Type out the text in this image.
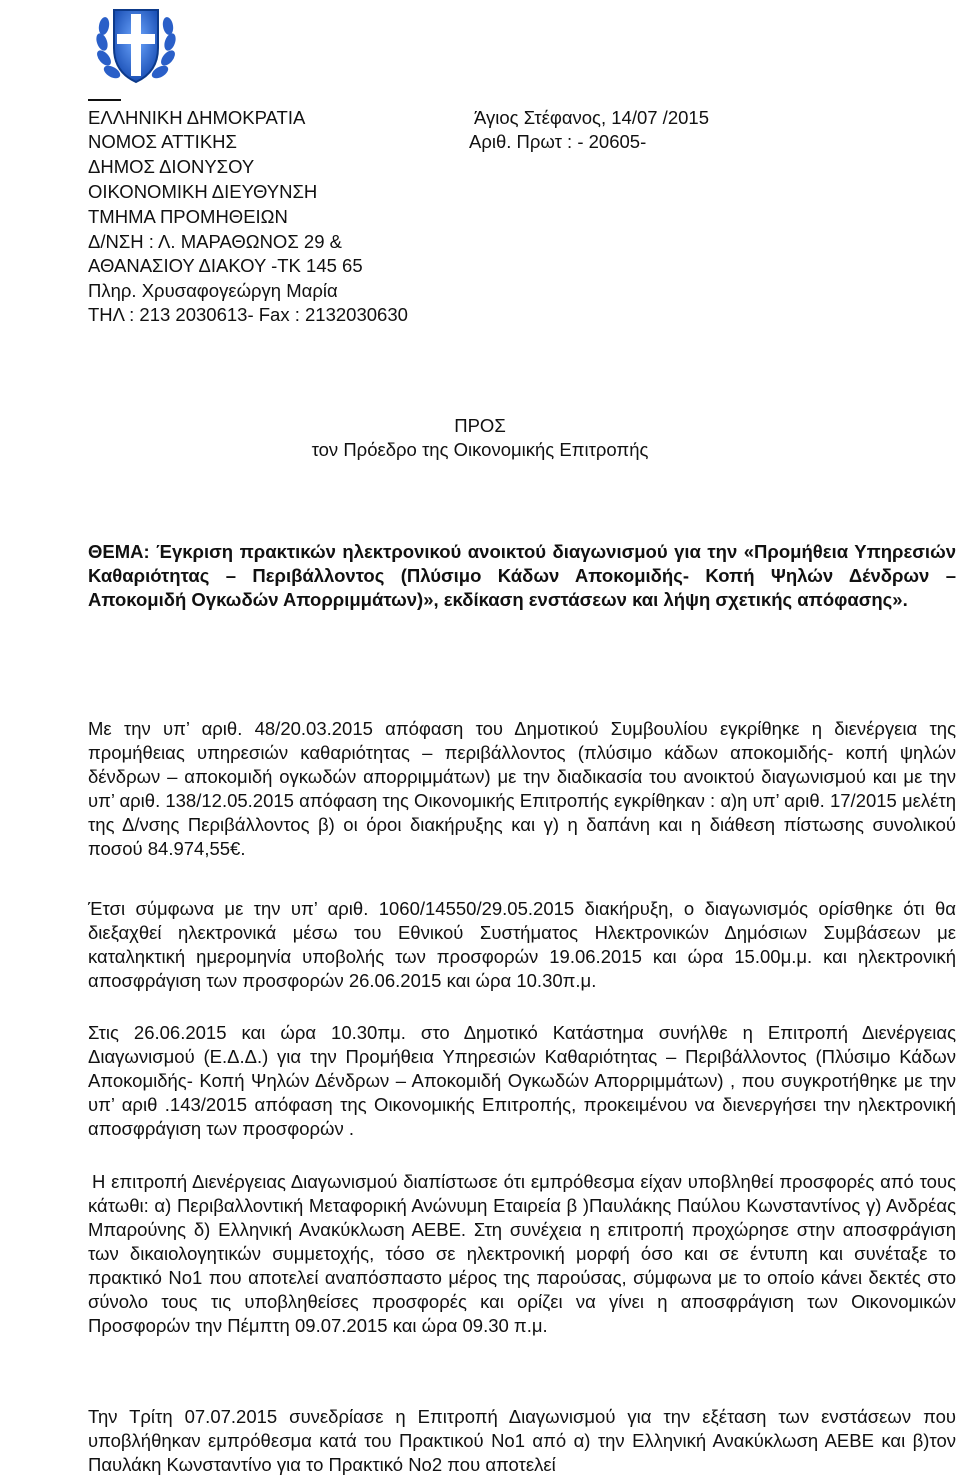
ΕΛΛΗΝΙΚΗ ΔΗΜΟΚΡΑΤΙΑ
ΝΟΜΟΣ ΑΤΤΙΚΗΣ
ΔΗΜΟΣ ΔΙΟΝΥΣΟΥ
ΟΙΚΟΝΟΜΙΚΗ ΔΙΕΥΘΥΝΣΗ
ΤΜΗΜΑ ΠΡΟΜΗΘΕΙΩΝ
Δ/ΝΣΗ : Λ. ΜΑΡΑΘΩΝΟΣ 29 &
ΑΘΑΝΑΣΙΟΥ ΔΙΑΚΟΥ -ΤΚ 145 65
Πληρ. Χρυσαφογεώργη Μαρία
ΤΗΛ : 213 2030613- Fax : 2132030630
Άγιος Στέφανος, 14/07 /2015
Αριθ. Πρωτ : - 20605-
ΠΡΟΣ
τον Πρόεδρο της Οικονομικής Επιτροπής
ΘΕΜΑ: Έγκριση πρακτικών ηλεκτρονικού ανοικτού διαγωνισμού για την «Προμήθεια Υπηρεσιών Καθαριότητας – Περιβάλλοντος (Πλύσιμο Κάδων Αποκομιδής- Κοπή Ψηλών Δένδρων – Αποκομιδή Ογκωδών Απορριμμάτων)», εκδίκαση ενστάσεων και λήψη σχετικής απόφασης».
Με την υπ’ αριθ. 48/20.03.2015 απόφαση του Δημοτικού Συμβουλίου εγκρίθηκε η διενέργεια της προμήθειας υπηρεσιών καθαριότητας – περιβάλλοντος (πλύσιμο κάδων αποκομιδής- κοπή ψηλών δένδρων – αποκομιδή ογκωδών απορριμμάτων) με την διαδικασία του ανοικτού διαγωνισμού και με την υπ’ αριθ. 138/12.05.2015 απόφαση της Οικονομικής Επιτροπής εγκρίθηκαν : α)η υπ’ αριθ. 17/2015 μελέτη της Δ/νσης Περιβάλλοντος β) οι όροι διακήρυξης και γ) η δαπάνη και η διάθεση πίστωσης συνολικού ποσού 84.974,55€.
Έτσι σύμφωνα με την υπ’ αριθ. 1060/14550/29.05.2015 διακήρυξη, ο διαγωνισμός ορίσθηκε ότι θα διεξαχθεί ηλεκτρονικά μέσω του Εθνικού Συστήματος Ηλεκτρονικών Δημόσιων Συμβάσεων με καταληκτική ημερομηνία υποβολής των προσφορών 19.06.2015 και ώρα 15.00μ.μ. και ηλεκτρονική αποσφράγιση των προσφορών 26.06.2015 και ώρα 10.30π.μ.
Στις 26.06.2015 και ώρα 10.30πμ. στο Δημοτικό Κατάστημα συνήλθε η Επιτροπή Διενέργειας Διαγωνισμού (Ε.Δ.Δ.) για την Προμήθεια Υπηρεσιών Καθαριότητας – Περιβάλλοντος (Πλύσιμο Κάδων Αποκομιδής- Κοπή Ψηλών Δένδρων – Αποκομιδή Ογκωδών Απορριμμάτων) , που συγκροτήθηκε με την υπ’ αριθ .143/2015 απόφαση της Οικονομικής Επιτροπής, προκειμένου να διενεργήσει την ηλεκτρονική αποσφράγιση των προσφορών .
Η επιτροπή Διενέργειας Διαγωνισμού διαπίστωσε ότι εμπρόθεσμα είχαν υποβληθεί προσφορές από τους κάτωθι: α) Περιβαλλοντική Μεταφορική Ανώνυμη Εταιρεία β )Παυλάκης Παύλου Κωνσταντίνος γ) Ανδρέας Μπαρούνης δ) Ελληνική Ανακύκλωση ΑΕΒΕ. Στη συνέχεια η επιτροπή προχώρησε στην αποσφράγιση των δικαιολογητικών συμμετοχής, τόσο σε ηλεκτρονική μορφή όσο και σε έντυπη και συνέταξε το πρακτικό Νο1 που αποτελεί αναπόσπαστο μέρος της παρούσας, σύμφωνα με το οποίο κάνει δεκτές στο σύνολο τους τις υποβληθείσες προσφορές και ορίζει να γίνει η αποσφράγιση των Οικονομικών Προσφορών την Πέμπτη 09.07.2015 και ώρα 09.30 π.μ.
Την Τρίτη 07.07.2015 συνεδρίασε η Επιτροπή Διαγωνισμού για την εξέταση των ενστάσεων που υποβλήθηκαν εμπρόθεσμα κατά του Πρακτικού Νο1 από α) την Ελληνική Ανακύκλωση ΑΕΒΕ και β)τον Παυλάκη Κωνσταντίνο για το Πρακτικό Νο2 που αποτελεί
